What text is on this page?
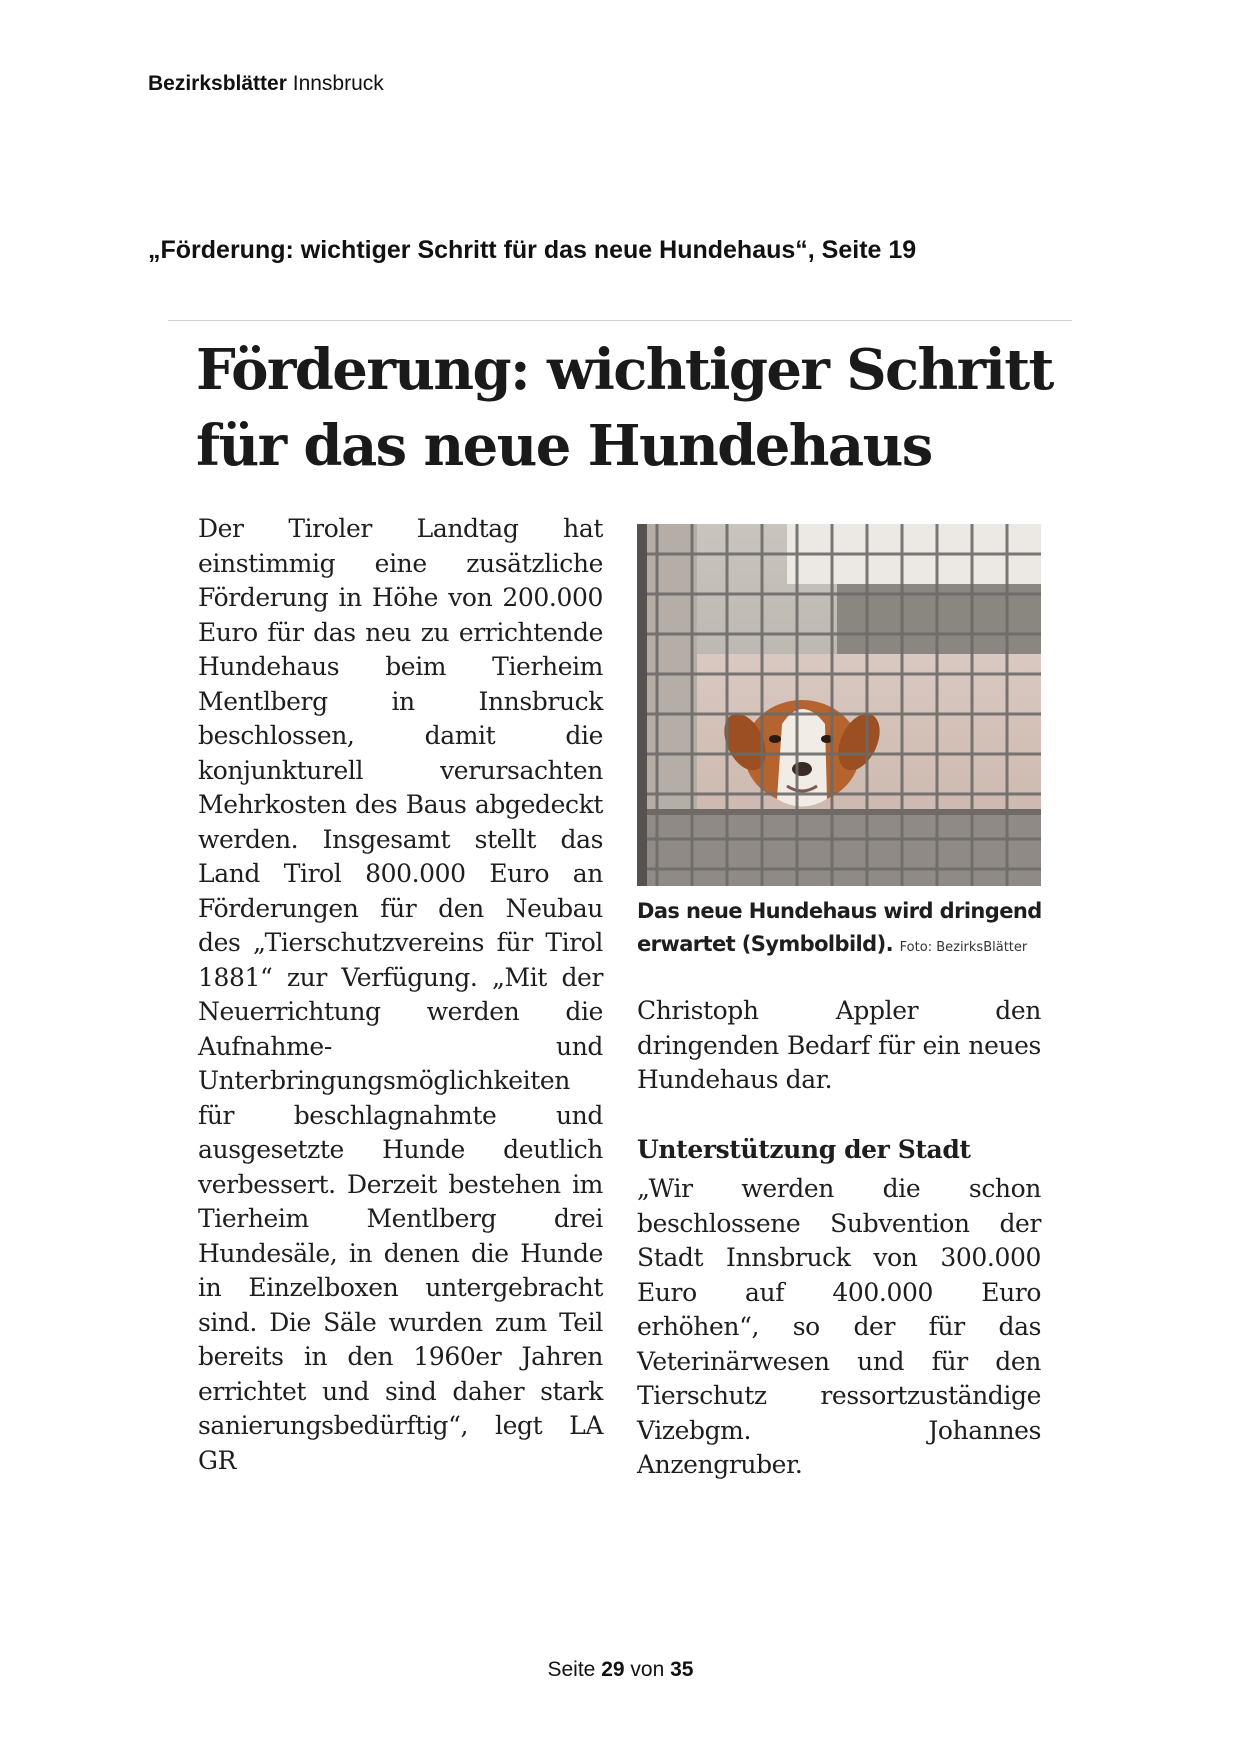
Bezirksblätter Innsbruck
„Förderung: wichtiger Schritt für das neue Hundehaus“, Seite 19
Förderung: wichtiger Schritt
für das neue Hundehaus

Der Tiroler Landtag hat einstimmig eine zusätzliche Förderung in Höhe von 200.000 Euro für das neu zu errichtende Hundehaus beim Tierheim Mentlberg in Innsbruck beschlossen, damit die konjunkturell verursachten Mehrkosten des Baus abgedeckt werden. Insgesamt stellt das Land Tirol 800.000 Euro an Förderungen für den Neubau des „Tierschutzvereins für Tirol 1881“ zur Verfügung. „Mit der Neuerrichtung werden die Aufnahme- und Unterbringungsmöglichkeiten für beschlagnahmte und ausgesetzte Hunde deutlich verbessert. Derzeit bestehen im Tierheim Mentlberg drei Hundesäle, in denen die Hunde in Einzelboxen untergebracht sind. Die Säle wurden zum Teil bereits in den 1960er Jahren errichtet und sind daher stark sanierungsbedürftig“, legt LA GR

Das neue Hundehaus wird dringend erwartet (Symbolbild). Foto: BezirksBlätter

Christoph Appler den dringenden Bedarf für ein neues Hundehaus dar.

Unterstützung der Stadt

„Wir werden die schon beschlossene Subvention der Stadt Innsbruck von 300.000 Euro auf 400.000 Euro erhöhen“, so der für das Veterinärwesen und für den Tierschutz ressortzuständige Vizebgm. Johannes Anzengruber.

Seite 29 von 35
